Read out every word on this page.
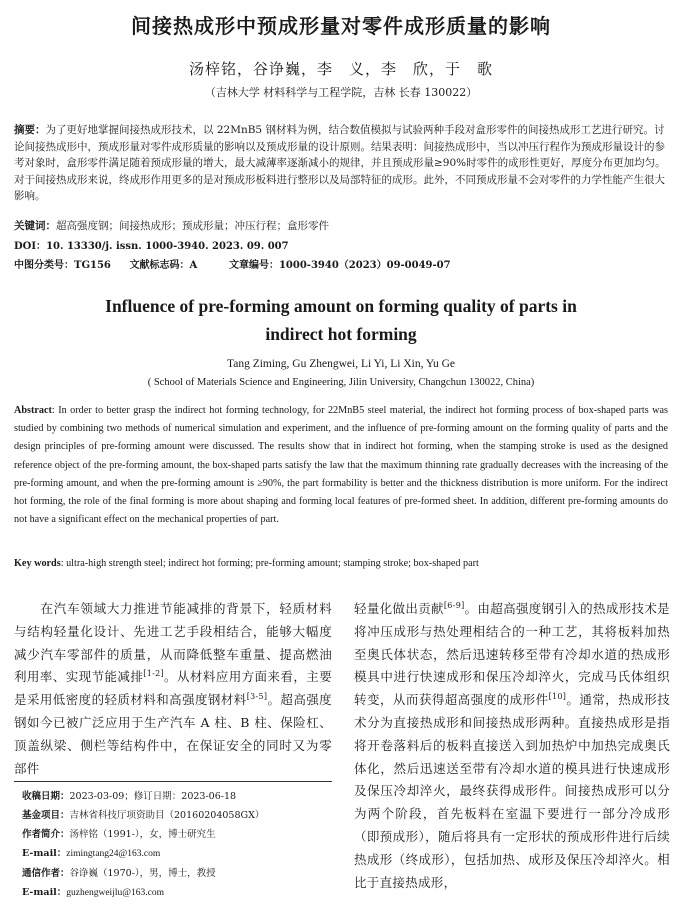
间接热成形中预成形量对零件成形质量的影响
汤梓铭，谷诤巍，李　义，李　欣，于　歌
（吉林大学 材料科学与工程学院，吉林 长春 130022）
摘要：为了更好地掌握间接热成形技术，以 22MnB5 钢材料为例，结合数值模拟与试验两种手段对盒形零件的间接热成形工艺进行研究。讨论间接热成形中，预成形量对零件成形质量的影响以及预成形量的设计原则。结果表明：间接热成形中，当以冲压行程作为预成形量设计的参考对象时，盒形零件满足随着预成形量的增大，最大减薄率逐渐减小的规律，并且预成形量≥90%时零件的成形性更好，厚度分布更加均匀。对于间接热成形来说，终成形作用更多的是对预成形板料进行整形以及局部特征的成形。此外，不同预成形量不会对零件的力学性能产生很大影响。
关键词：超高强度钢；间接热成形；预成形量；冲压行程；盒形零件
DOI：10. 13330/j. issn. 1000-3940. 2023. 09. 007
中图分类号：TG156 文献标志码：A	文章编号：1000-3940（2023）09-0049-07
Influence of pre-forming amount on forming quality of parts in indirect hot forming
Tang Ziming, Gu Zhengwei, Li Yi, Li Xin, Yu Ge
( School of Materials Science and Engineering, Jilin University, Changchun 130022, China)
Abstract: In order to better grasp the indirect hot forming technology, for 22MnB5 steel material, the indirect hot forming process of box-shaped parts was studied by combining two methods of numerical simulation and experiment, and the influence of pre-forming amount on the forming quality of parts and the design principles of pre-forming amount were discussed. The results show that in indirect hot forming, when the stamping stroke is used as the designed reference object of the pre-forming amount, the box-shaped parts satisfy the law that the maximum thinning rate gradually decreases with the increasing of the pre-forming amount, and when the pre-forming amount is ≥90%, the part formability is better and the thickness distribution is more uniform. For the indirect hot forming, the role of the final forming is more about shaping and forming local features of pre-formed sheet. In addition, different pre-forming amounts do not have a significant effect on the mechanical properties of part.
Key words: ultra-high strength steel; indirect hot forming; pre-forming amount; stamping stroke; box-shaped part
　　在汽车领域大力推进节能减排的背景下，轻质材料与结构轻量化设计、先进工艺手段相结合，能够大幅度减少汽车零部件的质量，从而降低整车重量、提高燃油利用率、实现节能减排[1-2]。从材料应用方面来看，主要是采用低密度的轻质材料和高强度钢材料[3-5]。超高强度钢如今已被广泛应用于生产汽车 A 柱、B 柱、保险杠、顶盖纵梁、侧栏等结构件中，在保证安全的同时又为零部件
轻量化做出贡献[6-9]。由超高强度钢引入的热成形技术是将冲压成形与热处理相结合的一种工艺，其将板料加热至奥氏体状态，然后迅速转移至带有冷却水道的热成形模具中进行快速成形和保压冷却淬火，完成马氏体组织转变，从而获得超高强度的成形件[10]。通常，热成形技术分为直接热成形和间接热成形两种。直接热成形是指将开卷落料后的板料直接送入到加热炉中加热完成奥氏体化，然后迅速送至带有冷却水道的模具进行快速成形及保压冷却淬火，最终获得成形件。间接热成形可以分为两个阶段，首先板料在室温下要进行一部分冷成形（即预成形），随后将具有一定形状的预成形件进行后续热成形（终成形），包括加热、成形及保压冷却淬火。相比于直接热成形，
收稿日期：2023-03-09；修订日期：2023-06-18
基金项目：吉林省科技厅项资助目（20160204058GX）
作者简介：汤梓铭（1991-），女，博士研究生
E-mail：zimingtang24@163.com
通信作者：谷诤巍（1970-），男，博士，教授
E-mail：guzhengweijlu@163.com
